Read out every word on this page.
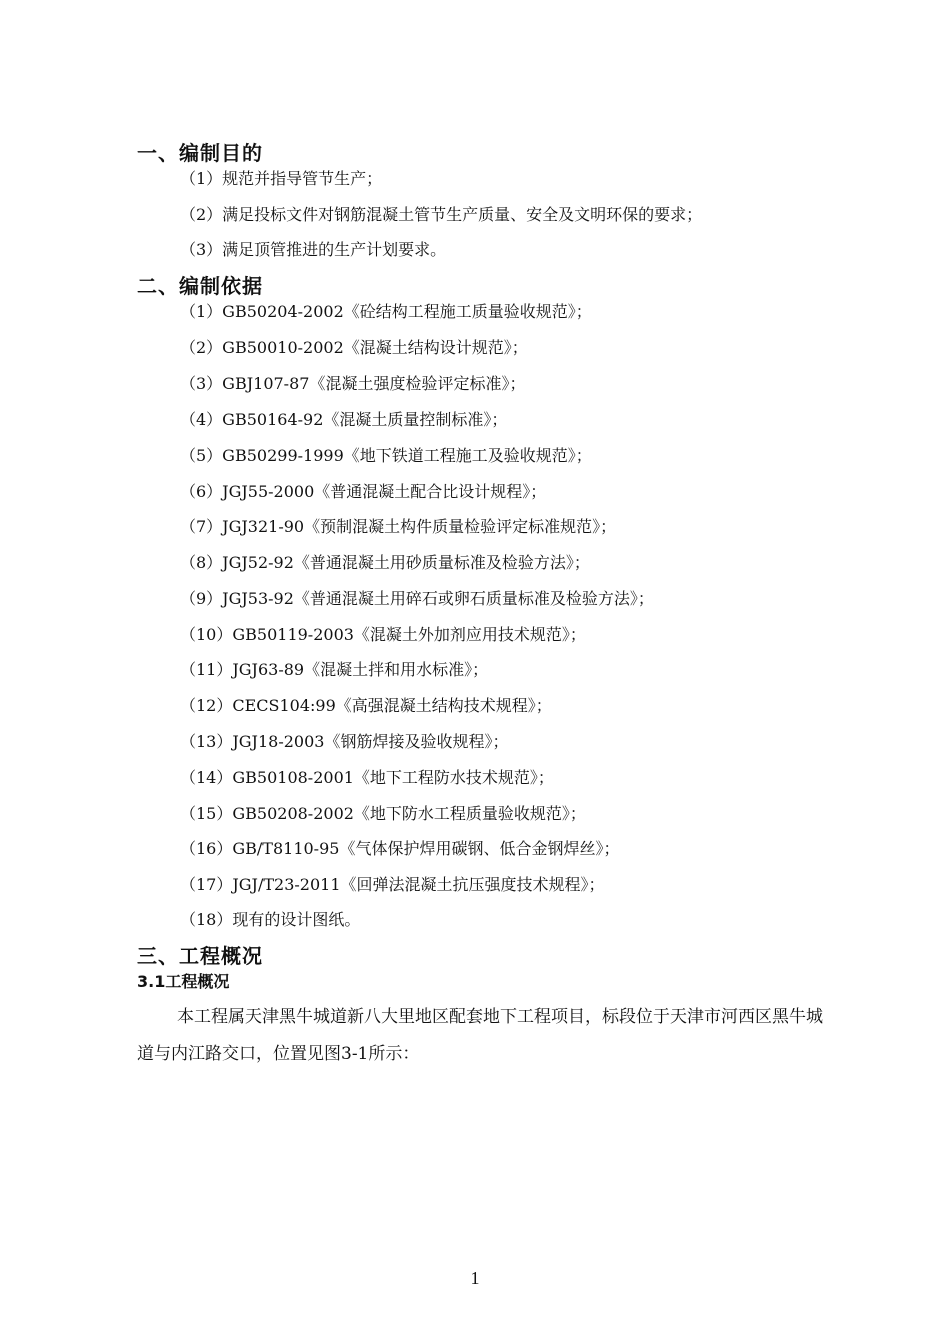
一、编制目的
（1）规范并指导管节生产；
（2）满足投标文件对钢筋混凝土管节生产质量、安全及文明环保的要求；
（3）满足顶管推进的生产计划要求。
二、编制依据
（1）GB50204-2002《砼结构工程施工质量验收规范》；
（2）GB50010-2002《混凝土结构设计规范》；
（3）GBJ107-87《混凝土强度检验评定标准》；
（4）GB50164-92《混凝土质量控制标准》；
（5）GB50299-1999《地下铁道工程施工及验收规范》；
（6）JGJ55-2000《普通混凝土配合比设计规程》；
（7）JGJ321-90《预制混凝土构件质量检验评定标准规范》；
（8）JGJ52-92《普通混凝土用砂质量标准及检验方法》；
（9）JGJ53-92《普通混凝土用碎石或卵石质量标准及检验方法》；
（10）GB50119-2003《混凝土外加剂应用技术规范》；
（11）JGJ63-89《混凝土拌和用水标准》；
（12）CECS104:99《高强混凝土结构技术规程》；
（13）JGJ18-2003《钢筋焊接及验收规程》；
（14）GB50108-2001《地下工程防水技术规范》；
（15）GB50208-2002《地下防水工程质量验收规范》；
（16）GB/T8110-95《气体保护焊用碳钢、低合金钢焊丝》；
（17）JGJ/T23-2011《回弹法混凝土抗压强度技术规程》；
（18）现有的设计图纸。
三、工程概况
3.1工程概况
本工程属天津黑牛城道新八大里地区配套地下工程项目，标段位于天津市河西区黑牛城道与内江路交口，位置见图3-1所示：
1
